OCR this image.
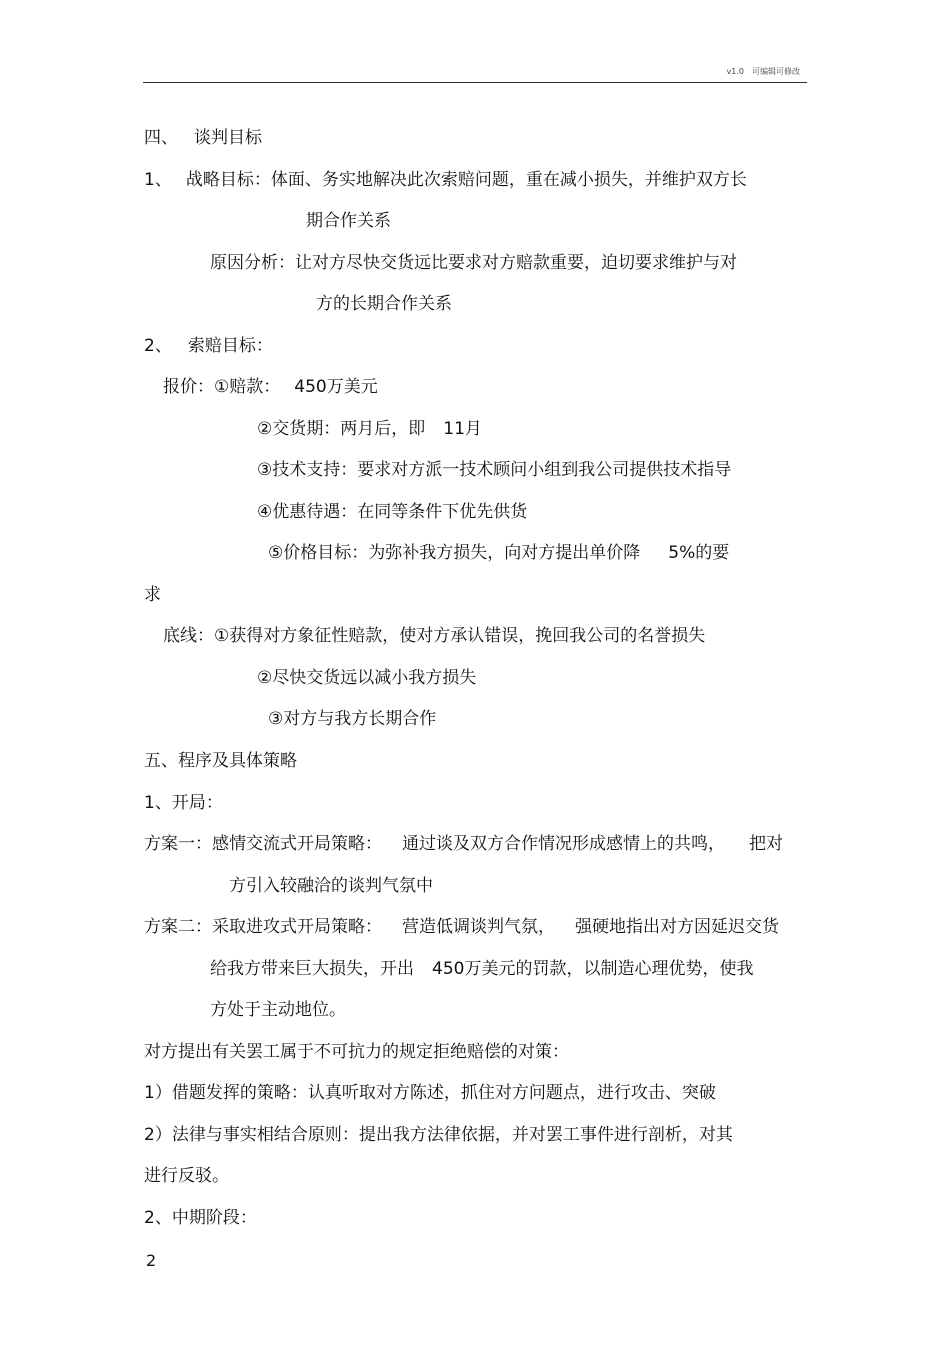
v1.0　可编辑可修改
四、 谈判目标
1、 战略目标：体面、务实地解决此次索赔问题，重在减小损失，并维护双方长
期合作关系
原因分析：让对方尽快交货远比要求对方赔款重要，迫切要求维护与对
方的长期合作关系
2、 索赔目标：
报价：①赔款： 450万美元
②交货期：两月后，即 11月
③技术支持：要求对方派一技术顾问小组到我公司提供技术指导
④优惠待遇：在同等条件下优先供货
⑤价格目标：为弥补我方损失，向对方提出单价降 5%的要
求
底线：①获得对方象征性赔款，使对方承认错误，挽回我公司的名誉损失
②尽快交货远以减小我方损失
③对方与我方长期合作
五、程序及具体策略
1、开局：
方案一：感情交流式开局策略： 通过谈及双方合作情况形成感情上的共鸣， 把对
方引入较融洽的谈判气氛中
方案二：采取进攻式开局策略： 营造低调谈判气氛， 强硬地指出对方因延迟交货
给我方带来巨大损失，开出 450万美元的罚款，以制造心理优势，使我
方处于主动地位。
对方提出有关罢工属于不可抗力的规定拒绝赔偿的对策：
1）借题发挥的策略：认真听取对方陈述，抓住对方问题点，进行攻击、突破
2）法律与事实相结合原则：提出我方法律依据，并对罢工事件进行剖析，对其
进行反驳。
2、中期阶段：
2
